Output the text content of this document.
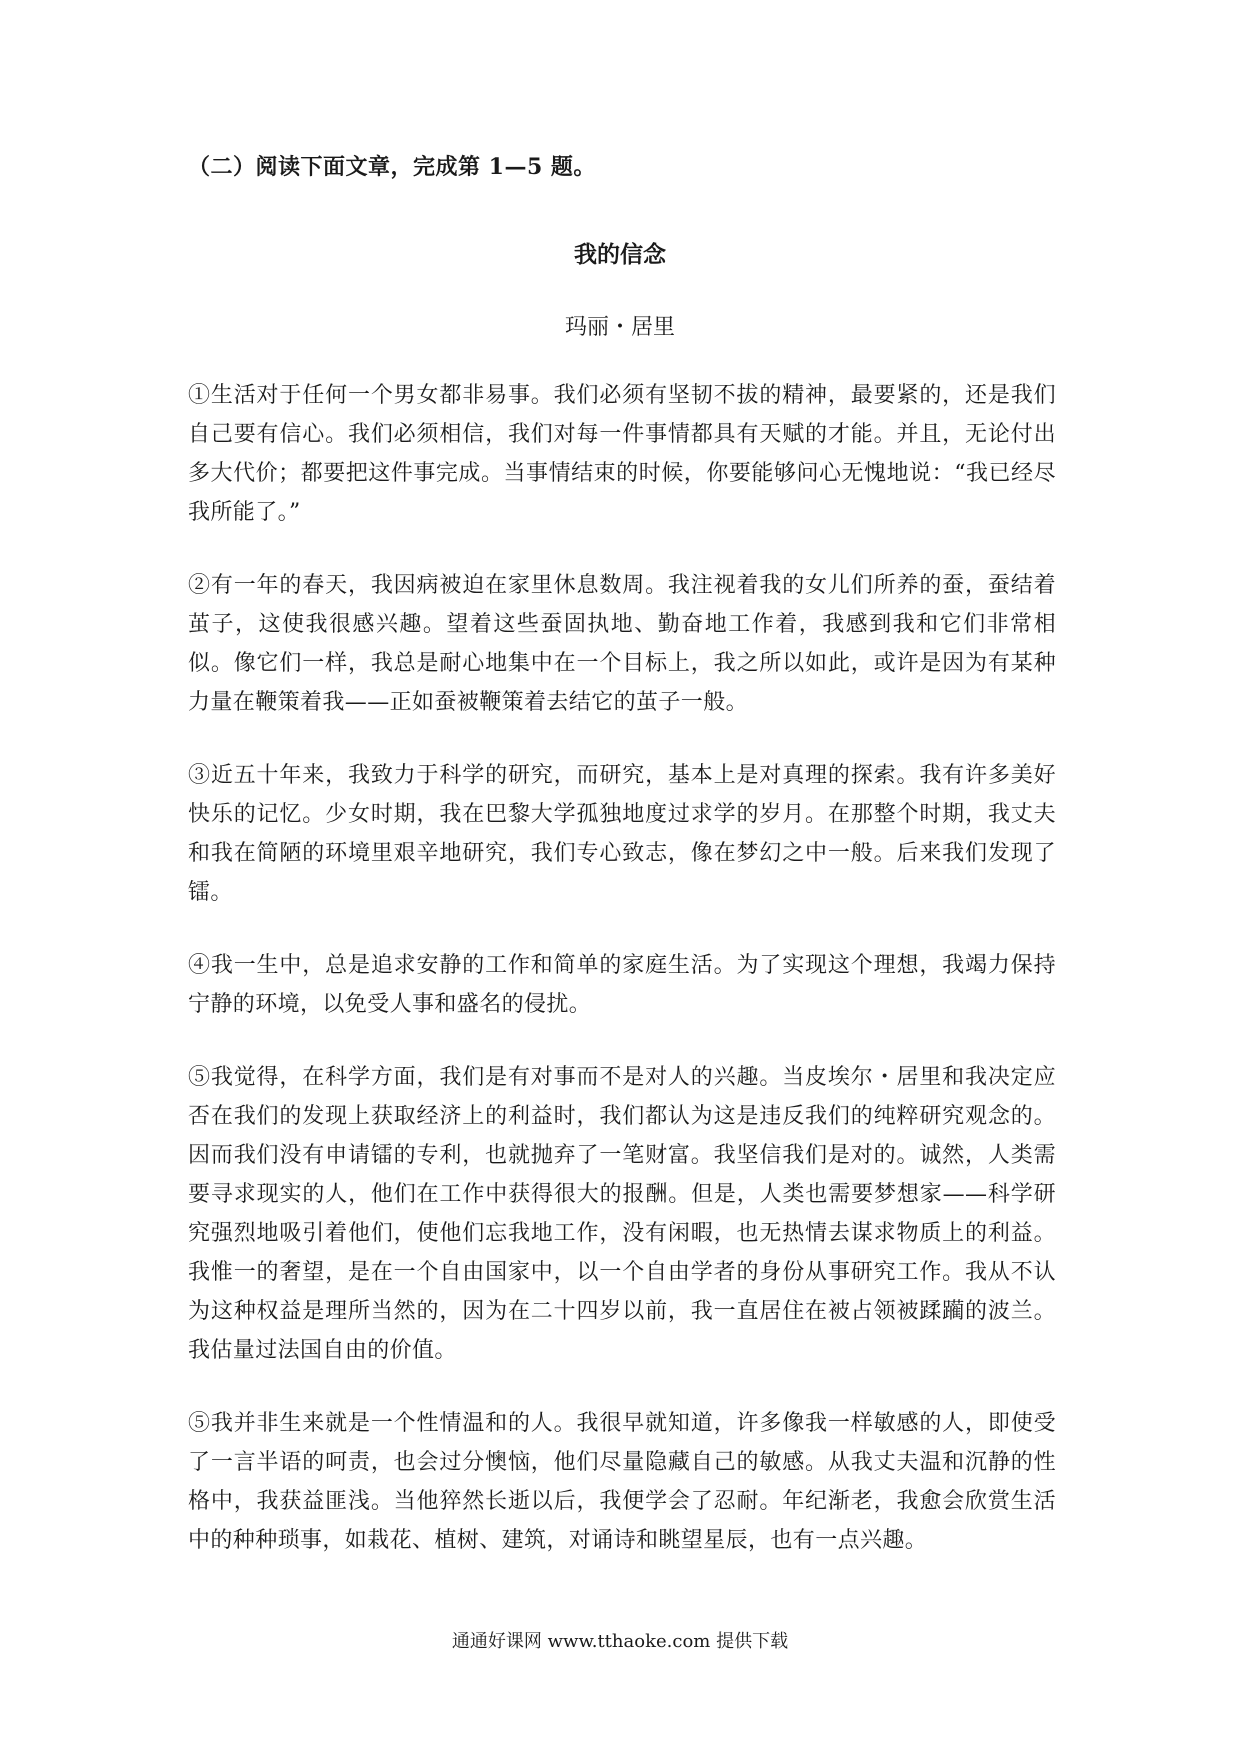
（二）阅读下面文章，完成第 1—5 题。
我的信念
玛丽・居里

①生活对于任何一个男女都非易事。我们必须有坚韧不拔的精神，最要紧的，还是我们自己要有信心。我们必须相信，我们对每一件事情都具有天赋的才能。并且，无论付出多大代价；都要把这件事完成。当事情结束的时候，你要能够问心无愧地说：“我已经尽我所能了。”

②有一年的春天，我因病被迫在家里休息数周。我注视着我的女儿们所养的蚕，蚕结着茧子，这使我很感兴趣。望着这些蚕固执地、勤奋地工作着，我感到我和它们非常相似。像它们一样，我总是耐心地集中在一个目标上，我之所以如此，或许是因为有某种力量在鞭策着我——正如蚕被鞭策着去结它的茧子一般。

③近五十年来，我致力于科学的研究，而研究，基本上是对真理的探索。我有许多美好快乐的记忆。少女时期，我在巴黎大学孤独地度过求学的岁月。在那整个时期，我丈夫和我在简陋的环境里艰辛地研究，我们专心致志，像在梦幻之中一般。后来我们发现了镭。

④我一生中，总是追求安静的工作和简单的家庭生活。为了实现这个理想，我竭力保持宁静的环境，以免受人事和盛名的侵扰。

⑤我觉得，在科学方面，我们是有对事而不是对人的兴趣。当皮埃尔・居里和我决定应否在我们的发现上获取经济上的利益时，我们都认为这是违反我们的纯粹研究观念的。因而我们没有申请镭的专利，也就抛弃了一笔财富。我坚信我们是对的。诚然，人类需要寻求现实的人，他们在工作中获得很大的报酬。但是，人类也需要梦想家——科学研究强烈地吸引着他们，使他们忘我地工作，没有闲暇，也无热情去谋求物质上的利益。我惟一的奢望，是在一个自由国家中，以一个自由学者的身份从事研究工作。我从不认为这种权益是理所当然的，因为在二十四岁以前，我一直居住在被占领被蹂躏的波兰。我估量过法国自由的价值。

⑤我并非生来就是一个性情温和的人。我很早就知道，许多像我一样敏感的人，即使受了一言半语的呵责，也会过分懊恼，他们尽量隐藏自己的敏感。从我丈夫温和沉静的性格中，我获益匪浅。当他猝然长逝以后，我便学会了忍耐。年纪渐老，我愈会欣赏生活中的种种琐事，如栽花、植树、建筑，对诵诗和眺望星辰，也有一点兴趣。

通通好课网 www.tthaoke.com 提供下载
